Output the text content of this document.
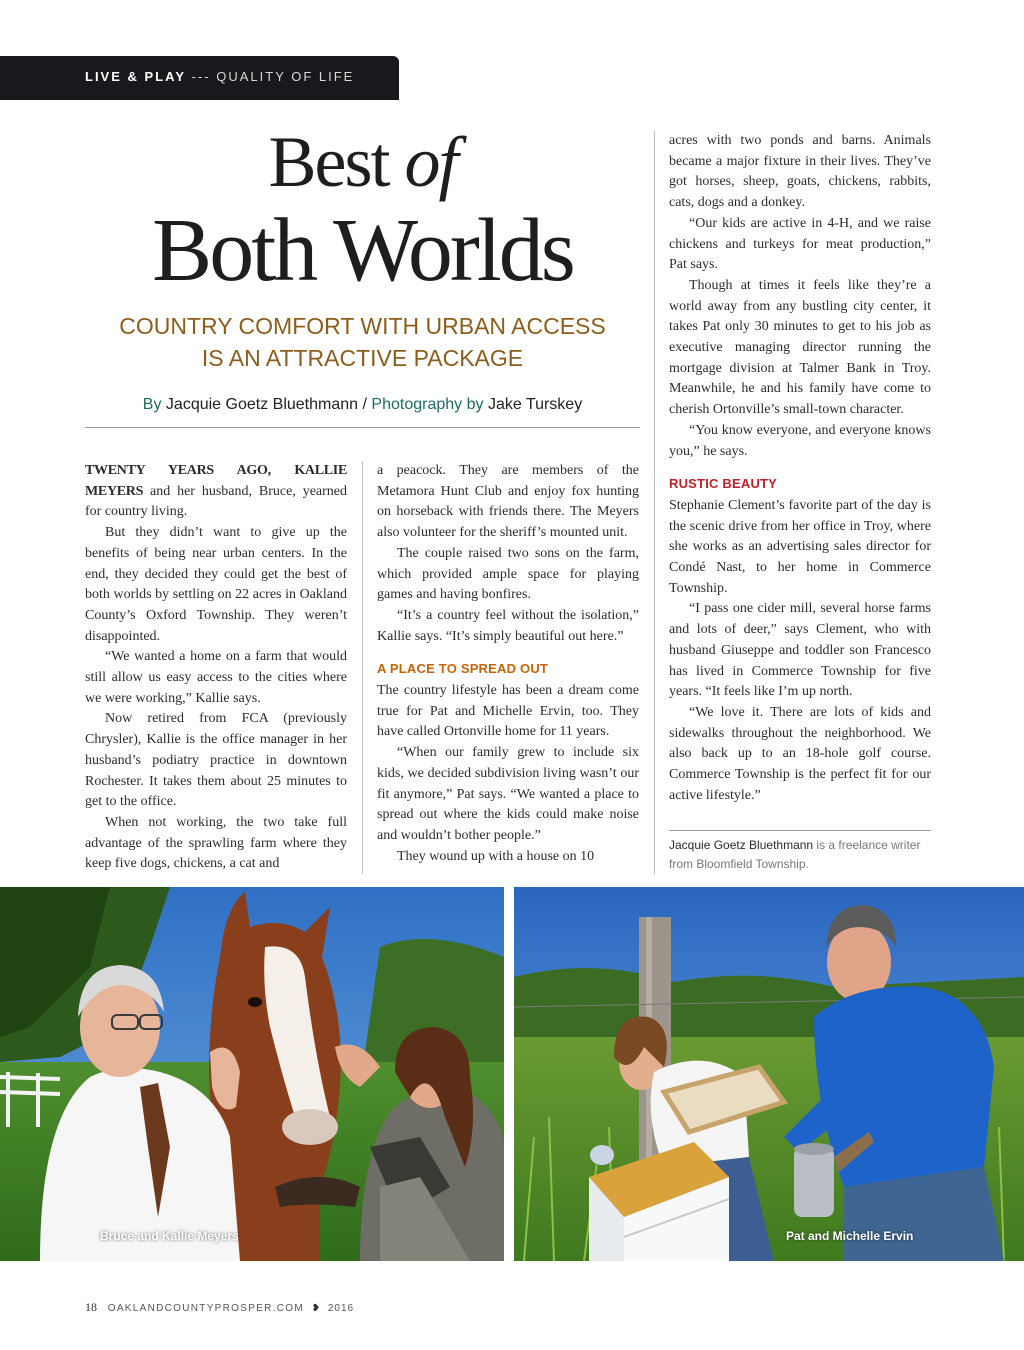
LIVE & PLAY --- QUALITY OF LIFE
Best of
Both Worlds
COUNTRY COMFORT WITH URBAN ACCESS
IS AN ATTRACTIVE PACKAGE
By Jacquie Goetz Bluethmann / Photography by Jake Turskey

TWENTY YEARS AGO, KALLIE MEYERS and her husband, Bruce, yearned for country living.

But they didn’t want to give up the benefits of being near urban centers. In the end, they decided they could get the best of both worlds by settling on 22 acres in Oakland County’s Oxford Township. They weren’t disappointed.

“We wanted a home on a farm that would still allow us easy access to the cities where we were working,” Kallie says.

Now retired from FCA (previously Chrysler), Kallie is the office manager in her husband’s podiatry practice in downtown Rochester. It takes them about 25 minutes to get to the office.

When not working, the two take full advantage of the sprawling farm where they keep five dogs, chickens, a cat and

a peacock. They are members of the Metamora Hunt Club and enjoy fox hunting on horseback with friends there. The Meyers also volunteer for the sheriff’s mounted unit.

The couple raised two sons on the farm, which provided ample space for playing games and having bonfires.

“It’s a country feel without the isolation,” Kallie says. “It’s simply beautiful out here.”

A PLACE TO SPREAD OUT

The country lifestyle has been a dream come true for Pat and Michelle Ervin, too. They have called Ortonville home for 11 years.

“When our family grew to include six kids, we decided subdivision living wasn’t our fit anymore,” Pat says. “We wanted a place to spread out where the kids could make noise and wouldn’t bother people.”

They wound up with a house on 10

acres with two ponds and barns. Animals became a major fixture in their lives. They’ve got horses, sheep, goats, chickens, rabbits, cats, dogs and a donkey.

“Our kids are active in 4-H, and we raise chickens and turkeys for meat production,” Pat says.

Though at times it feels like they’re a world away from any bustling city center, it takes Pat only 30 minutes to get to his job as executive managing director running the mortgage division at Talmer Bank in Troy. Meanwhile, he and his family have come to cherish Ortonville’s small-town character.

“You know everyone, and everyone knows you,” he says.

RUSTIC BEAUTY

Stephanie Clement’s favorite part of the day is the scenic drive from her office in Troy, where she works as an advertising sales director for Condé Nast, to her home in Commerce Township.

“I pass one cider mill, several horse farms and lots of deer,” says Clement, who with husband Giuseppe and toddler son Francesco has lived in Commerce Township for five years. “It feels like I’m up north.

“We love it. There are lots of kids and sidewalks throughout the neighborhood. We also back up to an 18-hole golf course. Commerce Township is the perfect fit for our active lifestyle.”

Jacquie Goetz Bluethmann is a freelance writer from Bloomfield Township.
Bruce and Kallie Meyers	Pat and Michelle Ervin
18 OAKLANDCOUNTYPROSPER.COM ❥ 2016
